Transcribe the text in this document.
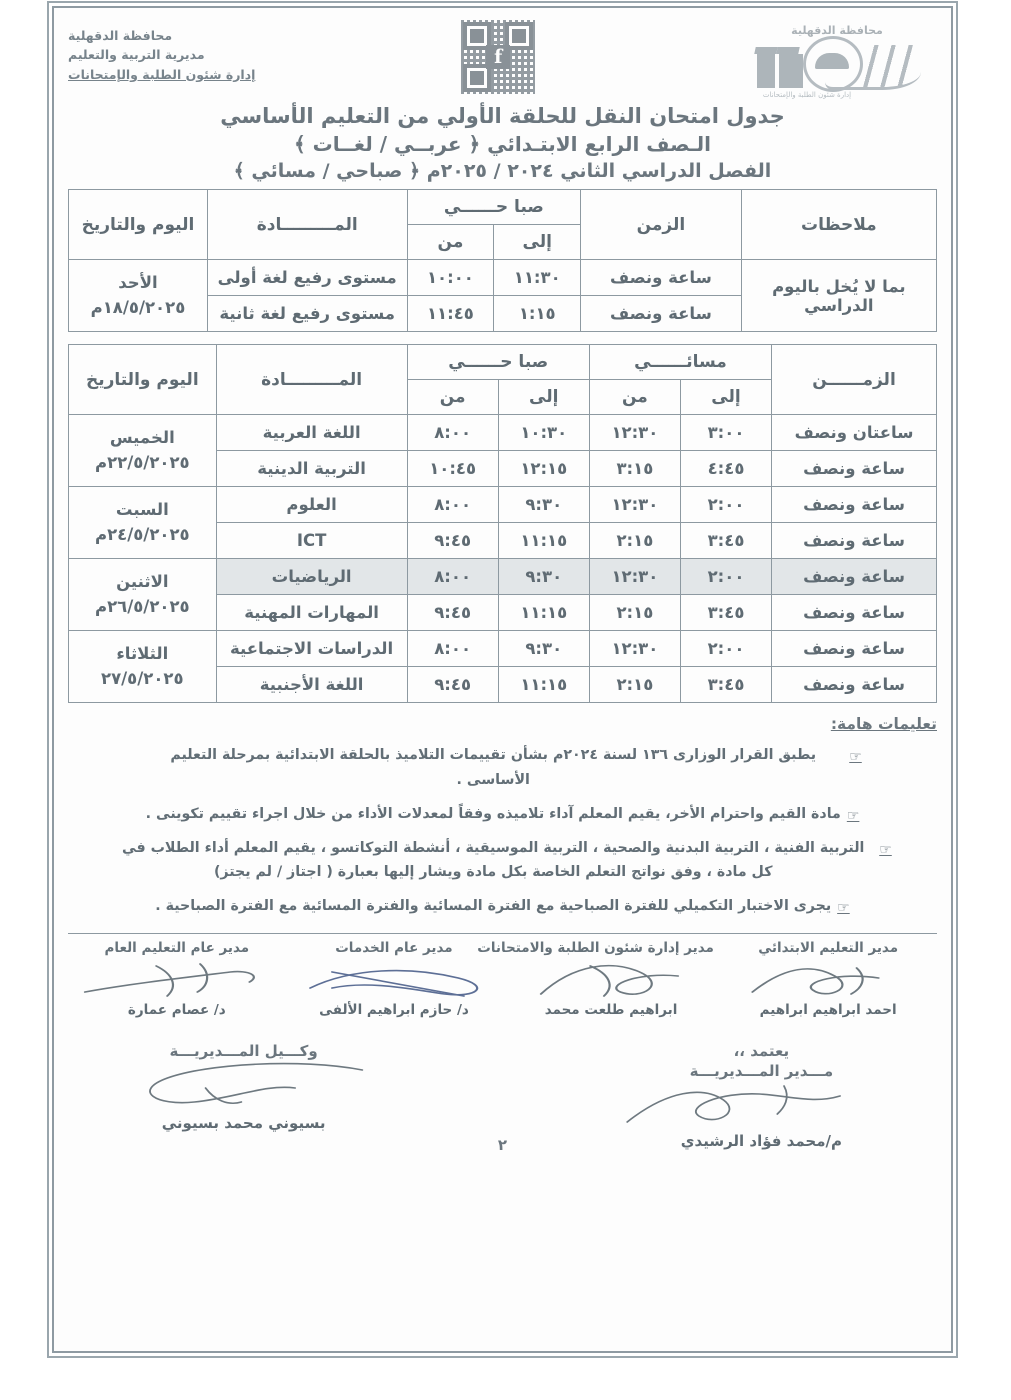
محافظة الدقهلية
إدارة شئون الطلبة والإمتحانات
f
محافظة الدقهلية
مديرية التربية والتعليم
إدارة شئون الطلبة والإمتحانات
جدول امتحان النقل للحلقة الأولي من التعليم الأساسي
الـصف الرابع الابتـدائي ﴿ عربــي / لغــات ﴾
الفصل الدراسي الثاني ٢٠٢٤ / ٢٠٢٥م ﴿ صباحي / مسائي ﴾
ملاحظات	الزمن	صبا حــــــي		المـــــــــادة	اليوم والتاريخ
		إلى	من		
بما لا يُخل باليوم الدراسي	ساعة ونصف	١١:٣٠	١٠:٠٠	مستوى رفيع لغة أولى	الأحد
١٨/٥/٢٠٢٥م
	ساعة ونصف	١:١٥	١١:٤٥	مستوى رفيع لغة ثانية	
الزمــــــن	مسائــــــي		صبا حــــــي		المـــــــــادة	اليوم والتاريخ
	إلى	من	إلى	من		
ساعتان ونصف	٣:٠٠	١٢:٣٠	١٠:٣٠	٨:٠٠	اللغة العربية	الخميس
٢٢/٥/٢٠٢٥م
ساعة ونصف	٤:٤٥	٣:١٥	١٢:١٥	١٠:٤٥	التربية الدينية	
ساعة ونصف	٢:٠٠	١٢:٣٠	٩:٣٠	٨:٠٠	العلوم	السبت
٢٤/٥/٢٠٢٥م
ساعة ونصف	٣:٤٥	٢:١٥	١١:١٥	٩:٤٥	ICT	
ساعة ونصف	٢:٠٠	١٢:٣٠	٩:٣٠	٨:٠٠	الرياضيات	الاثنين
٢٦/٥/٢٠٢٥م
ساعة ونصف	٣:٤٥	٢:١٥	١١:١٥	٩:٤٥	المهارات المهنية	
ساعة ونصف	٢:٠٠	١٢:٣٠	٩:٣٠	٨:٠٠	الدراسات الاجتماعية	الثلاثاء
٢٧/٥/٢٠٢٥
ساعة ونصف	٣:٤٥	٢:١٥	١١:١٥	٩:٤٥	اللغة الأجنبية	
تعليمات هامة:
☞
يطبق القرار الوزارى ١٣٦ لسنة ٢٠٢٤م بشأن تقييمات التلاميذ بالحلقة الابتدائية بمرحلة التعليم الأساسى .
☞
مادة القيم واحترام الأخر، يقيم المعلم آداء تلاميذه وفقاً لمعدلات الأداء من خلال اجراء تقييم تكوينى .
☞
التربية الفنية ، التربية البدنية والصحية ، التربية الموسيقية ، أنشطة التوكاتسو ، يقيم المعلم أداء الطلاب في كل مادة ، وفق نواتج التعلم الخاصة بكل مادة ويشار إليها بعبارة ( اجتاز / لم يجتز)
☞
يجرى الاختبار التكميلي للفترة الصباحية مع الفترة المسائية والفترة المسائية مع الفترة الصباحية .
مدير التعليم الابتدائي
احمد ابراهيم ابراهيم
مدير إدارة شئون الطلبة والامتحانات
ابراهيم طلعت محمد
مدير عام الخدمات
د/ حازم ابراهيم الألفى
مدير عام التعليم العام
د/ عصام عمارة
يعتمد ،،
مـــدير المـــديريـــة
م/محمد فؤاد الرشيدي
وكـــيل المـــديريـــة
بسيوني محمد بسيوني
٢
